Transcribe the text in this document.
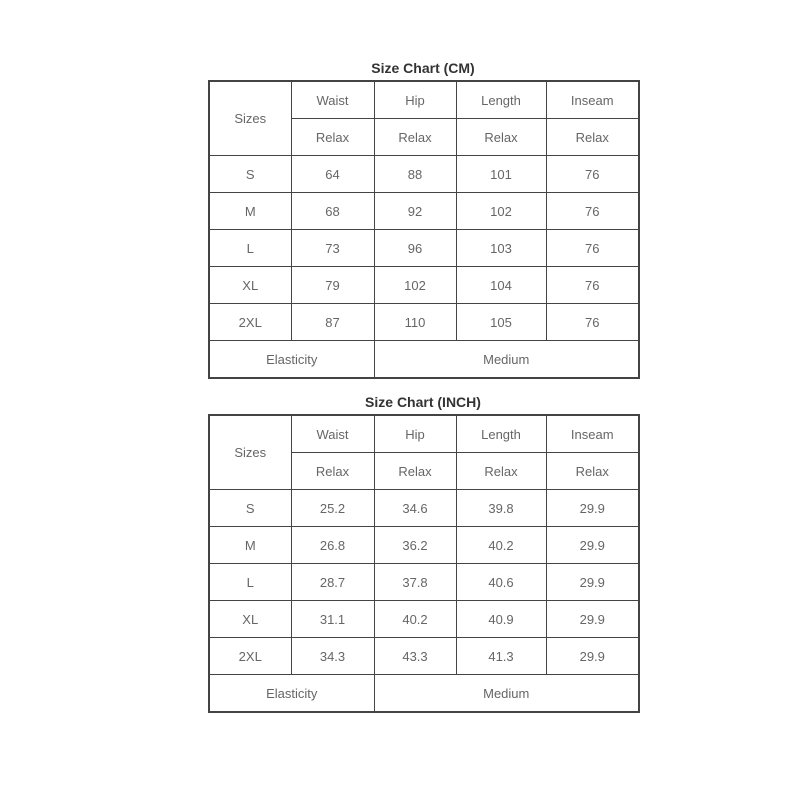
Size Chart (CM)
Sizes	Waist	Hip	Length	Inseam
	Relax	Relax	Relax	Relax
S	64	88	101	76
M	68	92	102	76
L	73	96	103	76
XL	79	102	104	76
2XL	87	110	105	76
Elasticity		Medium		
Size Chart (INCH)
Sizes	Waist	Hip	Length	Inseam
	Relax	Relax	Relax	Relax
S	25.2	34.6	39.8	29.9
M	26.8	36.2	40.2	29.9
L	28.7	37.8	40.6	29.9
XL	31.1	40.2	40.9	29.9
2XL	34.3	43.3	41.3	29.9
Elasticity		Medium		
